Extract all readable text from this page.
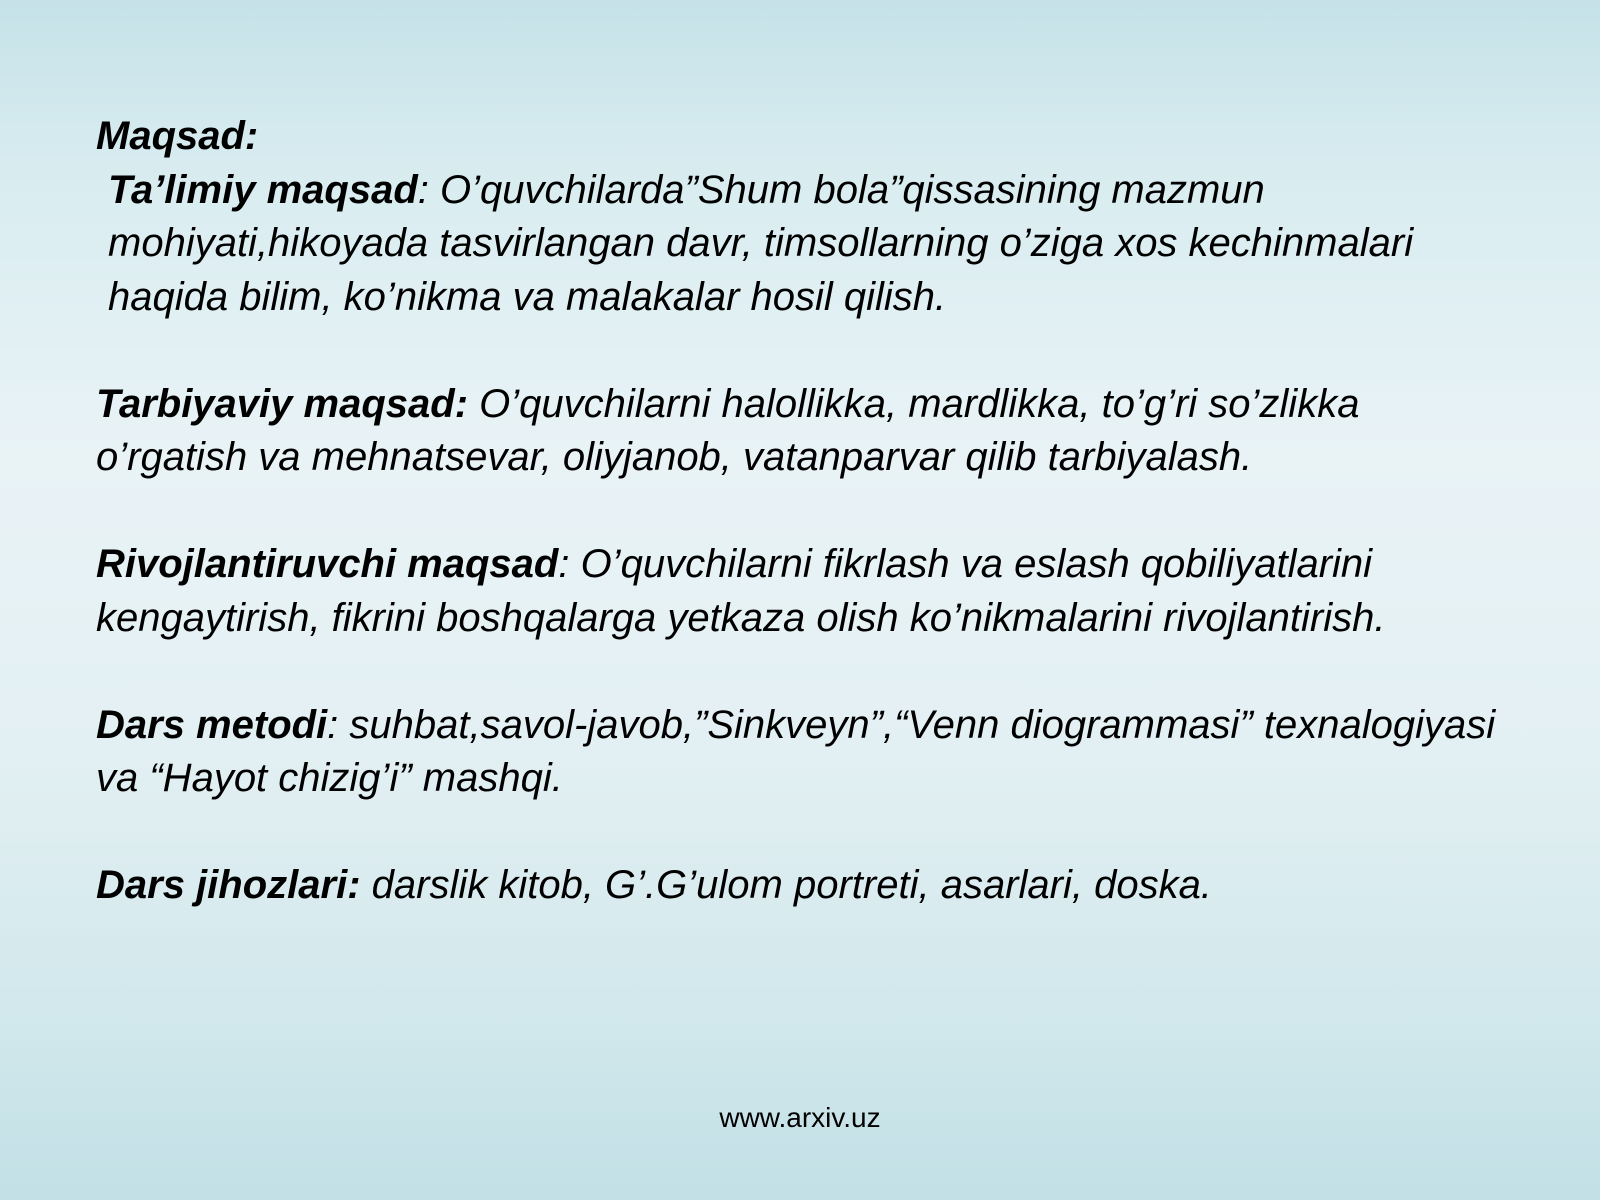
Maqsad:
Ta’limiy maqsad: O’quvchilarda”Shum bola”qissasining mazmun mohiyati,hikoyada tasvirlangan davr, timsollarning o’ziga xos kechinmalari haqida bilim, ko’nikma va malakalar hosil qilish.
Tarbiyaviy maqsad: O’quvchilarni halollikka, mardlikka, to’g’ri so’zlikka o’rgatish va mehnatsevar, oliyjanob, vatanparvar qilib tarbiyalash.
Rivojlantiruvchi maqsad: O’quvchilarni fikrlash va eslash qobiliyatlarini kengaytirish, fikrini boshqalarga yetkaza olish ko’nikmalarini rivojlantirish.
Dars metodi: suhbat,savol-javob,”Sinkveyn”,“Venn diogrammasi” texnalogiyasi va “Hayot chizig’i” mashqi.
Dars jihozlari: darslik kitob, G’.G’ulom portreti, asarlari, doska.
www.arxiv.uz
